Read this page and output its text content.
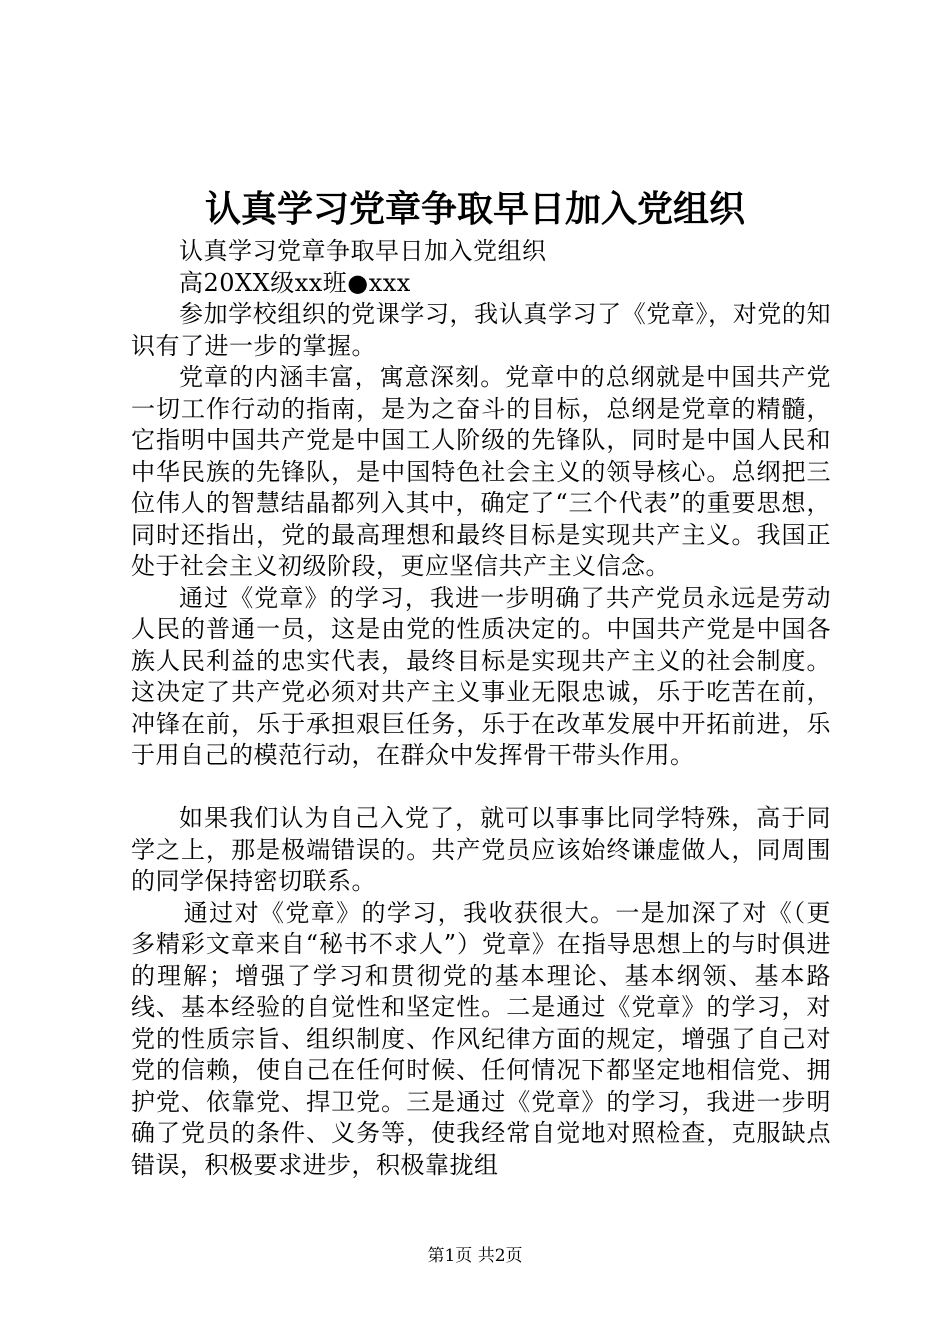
认真学习党章争取早日加入党组织

认真学习党章争取早日加入党组织

高20XX级xx班●xxx

参加学校组织的党课学习，我认真学习了《党章》，对党的知识有了进一步的掌握。

党章的内涵丰富，寓意深刻。党章中的总纲就是中国共产党一切工作行动的指南，是为之奋斗的目标，总纲是党章的精髓，它指明中国共产党是中国工人阶级的先锋队，同时是中国人民和中华民族的先锋队，是中国特色社会主义的领导核心。总纲把三位伟人的智慧结晶都列入其中，确定了“三个代表”的重要思想，同时还指出，党的最高理想和最终目标是实现共产主义。我国正处于社会主义初级阶段，更应坚信共产主义信念。

通过《党章》的学习，我进一步明确了共产党员永远是劳动人民的普通一员，这是由党的性质决定的。中国共产党是中国各族人民利益的忠实代表，最终目标是实现共产主义的社会制度。这决定了共产党必须对共产主义事业无限忠诚，乐于吃苦在前，冲锋在前，乐于承担艰巨任务，乐于在改革发展中开拓前进，乐于用自己的模范行动，在群众中发挥骨干带头作用。

如果我们认为自己入党了，就可以事事比同学特殊，高于同学之上，那是极端错误的。共产党员应该始终谦虚做人，同周围的同学保持密切联系。

通过对《党章》的学习，我收获很大。一是加深了对《（更多精彩文章来自“秘书不求人”）党章》在指导思想上的与时俱进的理解；增强了学习和贯彻党的基本理论、基本纲领、基本路线、基本经验的自觉性和坚定性。二是通过《党章》的学习，对党的性质宗旨、组织制度、作风纪律方面的规定，增强了自己对党的信赖，使自己在任何时候、任何情况下都坚定地相信党、拥护党、依靠党、捍卫党。三是通过《党章》的学习，我进一步明确了党员的条件、义务等，使我经常自觉地对照检查，克服缺点错误，积极要求进步，积极靠拢组

第1页 共2页
